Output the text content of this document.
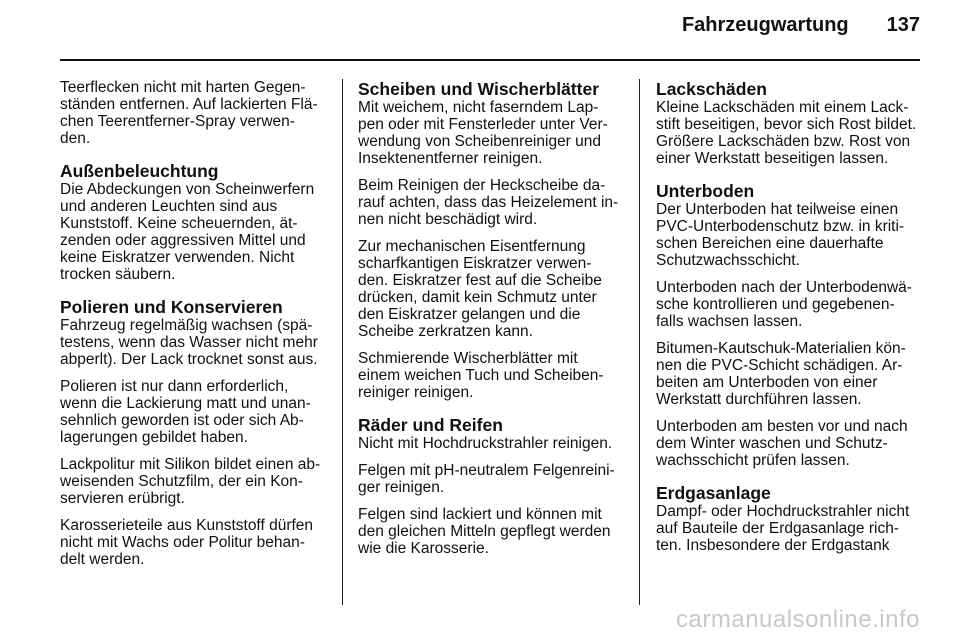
Fahrzeugwartung 137

Teerflecken nicht mit harten Gegen- ständen entfernen. Auf lackierten Flä- chen Teerentferner-Spray verwen- den.

Außenbeleuchtung

Die Abdeckungen von Scheinwerfern und anderen Leuchten sind aus Kunststoff. Keine scheuernden, ät- zenden oder aggressiven Mittel und keine Eiskratzer verwenden. Nicht trocken säubern.

Polieren und Konservieren

Fahrzeug regelmäßig wachsen (spä- testens, wenn das Wasser nicht mehr abperlt). Der Lack trocknet sonst aus.

Polieren ist nur dann erforderlich, wenn die Lackierung matt und unan- sehnlich geworden ist oder sich Ab- lagerungen gebildet haben.

Lackpolitur mit Silikon bildet einen ab- weisenden Schutzfilm, der ein Kon- servieren erübrigt.

Karosserieteile aus Kunststoff dürfen nicht mit Wachs oder Politur behan- delt werden.

Scheiben und Wischerblätter

Mit weichem, nicht faserndem Lap- pen oder mit Fensterleder unter Ver- wendung von Scheibenreiniger und Insektenentferner reinigen.

Beim Reinigen der Heckscheibe da- rauf achten, dass das Heizelement in- nen nicht beschädigt wird.

Zur mechanischen Eisentfernung scharfkantigen Eiskratzer verwen- den. Eiskratzer fest auf die Scheibe drücken, damit kein Schmutz unter den Eiskratzer gelangen und die Scheibe zerkratzen kann.

Schmierende Wischerblätter mit einem weichen Tuch und Scheiben- reiniger reinigen.

Räder und Reifen

Nicht mit Hochdruckstrahler reinigen.

Felgen mit pH-neutralem Felgenreini- ger reinigen.

Felgen sind lackiert und können mit den gleichen Mitteln gepflegt werden wie die Karosserie.

Lackschäden

Kleine Lackschäden mit einem Lack- stift beseitigen, bevor sich Rost bildet. Größere Lackschäden bzw. Rost von einer Werkstatt beseitigen lassen.

Unterboden

Der Unterboden hat teilweise einen PVC-Unterbodenschutz bzw. in kriti- schen Bereichen eine dauerhafte Schutzwachsschicht.

Unterboden nach der Unterbodenwä- sche kontrollieren und gegebenen- falls wachsen lassen.

Bitumen-Kautschuk-Materialien kön- nen die PVC-Schicht schädigen. Ar- beiten am Unterboden von einer Werkstatt durchführen lassen.

Unterboden am besten vor und nach dem Winter waschen und Schutz- wachsschicht prüfen lassen.

Erdgasanlage

Dampf- oder Hochdruckstrahler nicht auf Bauteile der Erdgasanlage rich- ten. Insbesondere der Erdgastank

carmanualsonline.info
